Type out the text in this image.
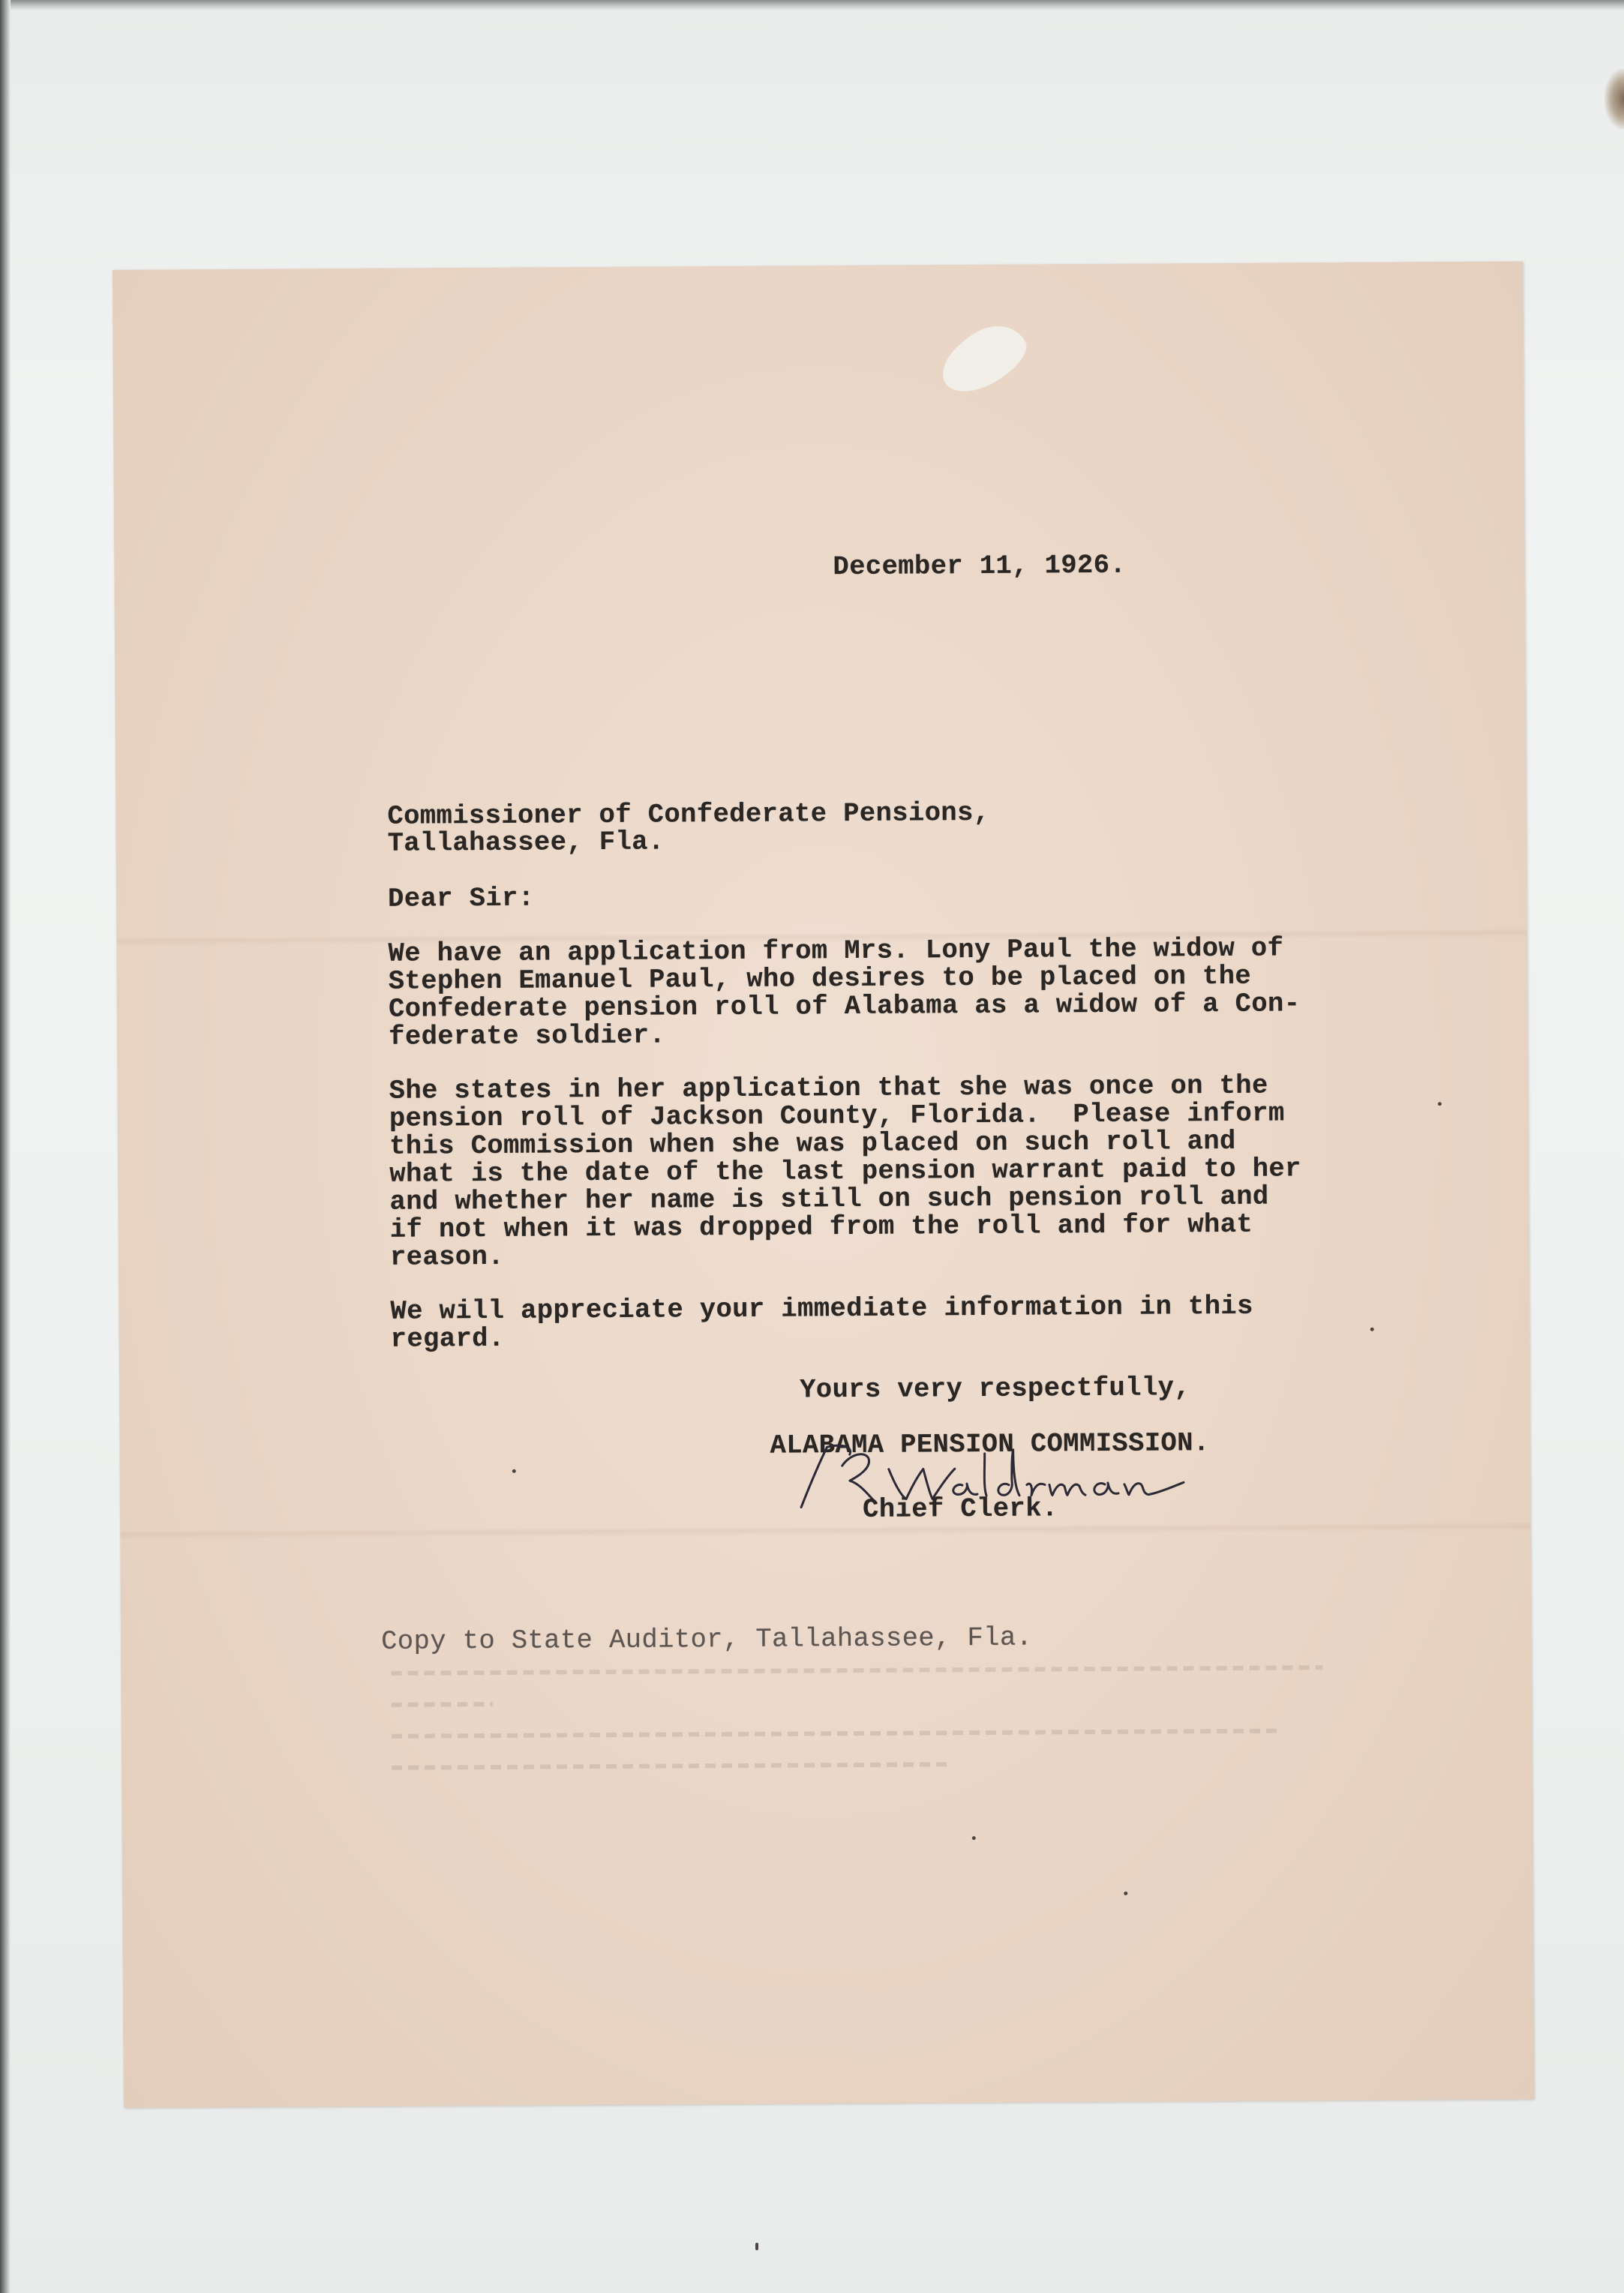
December 11, 1926.

Commissioner of Confederate Pensions,

Tallahassee, Fla.

Dear Sir:

We have an application from Mrs. Lony Paul the widow of

Stephen Emanuel Paul, who desires to be placed on the

Confederate pension roll of Alabama as a widow of a Con-

federate soldier.

She states in her application that she was once on the

pension roll of Jackson County, Florida.  Please inform

this Commission when she was placed on such roll and

what is the date of the last pension warrant paid to her

and whether her name is still on such pension roll and

if not when it was dropped from the roll and for what

reason.

We will appreciate your immediate information in this

regard.

Yours very respectfully,

ALABAMA PENSION COMMISSION.

Chief Clerk.

Copy to State Auditor, Tallahassee, Fla.
